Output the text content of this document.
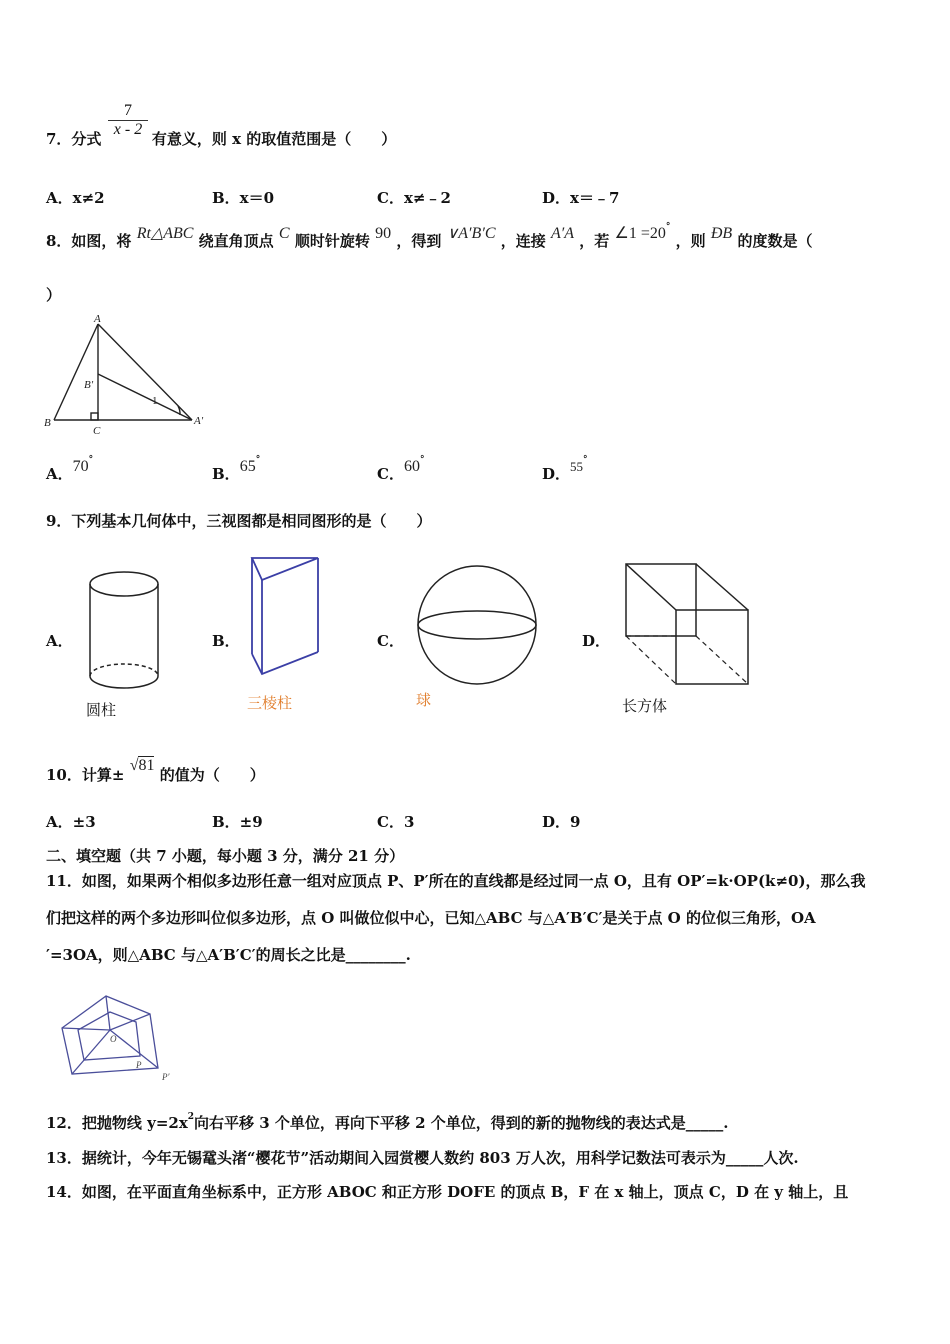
7．分式	有意义，则 x 的取值范围是（　　）
$\frac{7}{x - 2}$
A．x≠2	B．x＝0	C．x≠﹣2	D．x＝﹣7
8．如图，将 Rt△ABC 绕直角顶点 C 顺时针旋转 90 ，得到 ∨A′B′C ，连接 A′A ，若 ∠1 =20° ，则 ÐB 的度数是（
）
A
B
B′
C
A′
1
A．70°
B．65°
C．60°
D．55°
9．下列基本几何体中，三视图都是相同图形的是（　　）
A．
圆柱
B．
三棱柱
C．
球
D．
长方体
10．计算± √81 的值为（　　）
A．±3	B．±9	C．3	D．9
二、填空题（共 7 小题，每小题 3 分，满分 21 分）
11．如图，如果两个相似多边形任意一组对应顶点 P、P′所在的直线都是经过同一点 O，且有 OP′=k·OP(k≠0)，那么我
们把这样的两个多边形叫位似多边形，点 O 叫做位似中心，已知△ABC 与△A′B′C′是关于点 O 的位似三角形，OA
′=3OA，则△ABC 与△A′B′C′的周长之比是________.
O
P
P′
12．把抛物线 $y=2x^2$向右平移 3 个单位，再向下平移 2 个单位，得到的新的抛物线的表达式是_____.
13．据统计，今年无锡鼋头渚“樱花节”活动期间入园赏樱人数约 803 万人次，用科学记数法可表示为_____人次.
14．如图，在平面直角坐标系中，正方形 ABOC 和正方形 DOFE 的顶点 B，F 在 x 轴上，顶点 C，D 在 y 轴上，且
